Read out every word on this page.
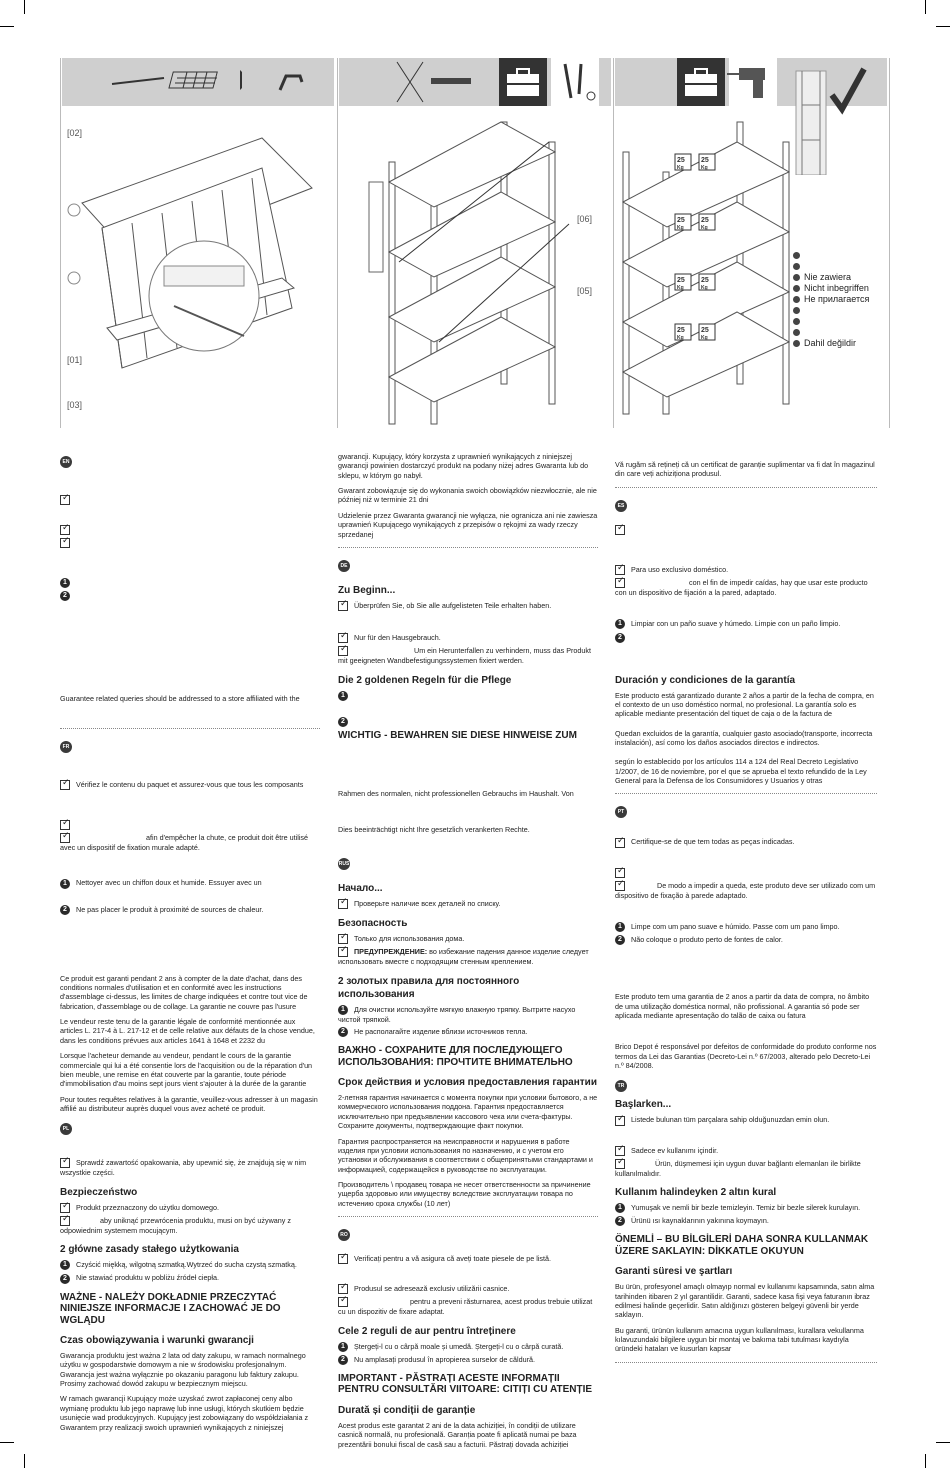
[02]
[01]
[03]
[06]
[05]
25
Kg
25
Kg
25
Kg
25
Kg
25
Kg
25
Kg
25
Kg
25
Kg
Nie zawiera
Nicht inbegriffen
Не прилагается
Dahil değildir
EN
✓
✓
✓
1
2

Guarantee related queries should be addressed to a store affiliated with the

FR
✓Vérifiez le contenu du paquet et assurez-vous que tous les composants
✓
✓afin d'empêcher la chute, ce produit doit être utilisé avec un dispositif de fixation murale adapté.
1 Nettoyer avec un chiffon doux et humide. Essuyer avec un
2 Ne pas placer le produit à proximité de sources de chaleur.

Ce produit est garanti pendant 2 ans à compter de la date d'achat, dans des conditions normales d'utilisation et en conformité avec les instructions d'assemblage ci-dessus, les limites de charge indiquées et contre tout vice de fabrication, d'assemblage ou de collage. La garantie ne couvre pas l'usure

Le vendeur reste tenu de la garantie légale de conformité mentionnée aux articles L. 217-4 à L. 217-12 et de celle relative aux défauts de la chose vendue, dans les conditions prévues aux articles 1641 à 1648 et 2232 du

Lorsque l'acheteur demande au vendeur, pendant le cours de la garantie commerciale qui lui a été consentie lors de l'acquisition ou de la réparation d'un bien meuble, une remise en état couverte par la garantie, toute période d'immobilisation d'au moins sept jours vient s'ajouter à la durée de la garantie

Pour toutes requêtes relatives à la garantie, veuillez-vous adresser à un magasin affilié au distributeur auprès duquel vous avez acheté ce produit.

PL
✓Sprawdź zawartość opakowania, aby upewnić się, że znajdują się w nim wszystkie części.
Bezpieczeństwo
✓Produkt przeznaczony do użytku domowego.
✓aby uniknąć przewrócenia produktu, musi on być używany z odpowiednim systemem mocującym.
2 główne zasady stałego użytkowania
1 Czyścić miękką, wilgotną szmatką.Wytrzeć do sucha czystą szmatką.
2 Nie stawiać produktu w pobliżu źródeł ciepła.
WAŻNE - NALEŻY DOKŁADNIE PRZECZYTAĆ NINIEJSZE INFORMACJE I ZACHOWAĆ JE DO WGLĄDU
Czas obowiązywania i warunki gwarancji

Gwarancja produktu jest ważna 2 lata od daty zakupu, w ramach normalnego użytku w gospodarstwie domowym a nie w środowisku profesjonalnym. Gwarancja jest ważna wyłącznie po okazaniu paragonu lub faktury zakupu. Prosimy zachować dowód zakupu w bezpiecznym miejscu.

W ramach gwarancji Kupujący może uzyskać zwrot zapłaconej ceny albo wymianę produktu lub jego naprawę lub inne usługi, których skutkiem będzie usunięcie wad produkcyjnych. Kupujący jest zobowiązany do współdziałania z Gwarantem przy realizacji swoich uprawnień wynikających z niniejszej

gwarancji. Kupujący, który korzysta z uprawnień wynikających z niniejszej gwarancji powinien dostarczyć produkt na podany niżej adres Gwaranta lub do sklepu, w którym go nabył.

Gwarant zobowiązuje się do wykonania swoich obowiązków niezwłocznie, ale nie później niż w terminie 21 dni

Udzielenie przez Gwaranta gwarancji nie wyłącza, nie ogranicza ani nie zawiesza uprawnień Kupującego wynikających z przepisów o rękojmi za wady rzeczy sprzedanej

DE
Zu Beginn...
✓Überprüfen Sie, ob Sie alle aufgelisteten Teile erhalten haben.
✓Nur für den Hausgebrauch.
✓Um ein Herunterfallen zu verhindern, muss das Produkt mit geeigneten Wandbefestigungssystemen fixiert werden.
Die 2 goldenen Regeln für die Pflege
1
2
WICHTIG - BEWAHREN SIE DIESE HINWEISE ZUM

Rahmen des normalen, nicht professionellen Gebrauchs im Haushalt. Von

Dies beeinträchtigt nicht Ihre gesetzlich verankerten Rechte.

RUS
Начало...
✓Проверьте наличие всех деталей по списку.
Безопасность
✓Только для использования дома.
✓ПРЕДУПРЕЖДЕНИЕ: во избежание падения данное изделие следует использовать вместе с подходящим стенным креплением.
2 золотых правила для постоянного использования
1 Для очистки используйте мягкую влажную тряпку. Вытрите насухо чистой тряпкой.
2 Не располагайте изделие вблизи источников тепла.
ВАЖНО - СОХРАНИТЕ ДЛЯ ПОСЛЕДУЮЩЕГО ИСПОЛЬЗОВАНИЯ: ПРОЧТИТЕ ВНИМАТЕЛЬНО
Срок действия и условия предоставления гарантии

2-летняя гарантия начинается с момента покупки при условии бытового, а не коммерческого использования поддона. Гарантия предоставляется исключительно при предъявлении кассового чека или счета-фактуры. Сохраните документы, подтверждающие факт покупки.

Гарантия распространяется на неисправности и нарушения в работе изделия при условии использования по назначению, и с учетом его установки и обслуживания в соответствии с общепринятыми стандартами и информацией, содержащейся в руководстве по эксплуатации.

Производитель \ продавец товара не несет ответственности за причинение ущерба здоровью или имуществу вследствие эксплуатации товара по истечению срока службы (10 лет)

RO
✓Verificați pentru a vă asigura că aveți toate piesele de pe listă.
✓Produsul se adresează exclusiv utilizării casnice.
✓pentru a preveni răsturnarea, acest produs trebuie utilizat cu un dispozitiv de fixare adaptat.
Cele 2 reguli de aur pentru întreținere
1 Ștergeți-l cu o cârpă moale și umedă. Ștergeți-l cu o cârpă curată.
2 Nu amplasați produsul în apropierea surselor de căldură.
IMPORTANT - PĂSTRAȚI ACESTE INFORMAȚII PENTRU CONSULTĂRI VIITOARE: CITIȚI CU ATENȚIE
Durată și condiții de garanție

Acest produs este garantat 2 ani de la data achiziției, în condiții de utilizare casnică normală, nu profesională. Garanția poate fi aplicată numai pe baza prezentării bonului fiscal de casă sau a facturii. Păstrați dovada achiziției

Vă rugăm să rețineți că un certificat de garanție suplimentar va fi dat în magazinul din care veți achiziționa produsul.

ES
✓
✓Para uso exclusivo doméstico.
✓con el fin de impedir caídas, hay que usar este producto con un dispositivo de fijación a la pared, adaptado.
1 Limpiar con un paño suave y húmedo. Limpie con un paño limpio.
2
Duración y condiciones de la garantía

Este producto está garantizado durante 2 años a partir de la fecha de compra, en el contexto de un uso doméstico normal, no profesional. La garantía solo es aplicable mediante presentación del tiquet de caja o de la factura de

Quedan excluidos de la garantía, cualquier gasto asociado(transporte, incorrecta instalación), así como los daños asociados directos e indirectos.

según lo establecido por los artículos 114 a 124 del Real Decreto Legislativo 1/2007, de 16 de noviembre, por el que se aprueba el texto refundido de la Ley General para la Defensa de los Consumidores y Usuarios y otras

PT
✓Certifique-se de que tem todas as peças indicadas.
✓
✓De modo a impedir a queda, este produto deve ser utilizado com um dispositivo de fixação à parede adaptado.
1 Limpe com um pano suave e húmido. Passe com um pano limpo.
2 Não coloque o produto perto de fontes de calor.

Este produto tem uma garantia de 2 anos a partir da data de compra, no âmbito de uma utilização doméstica normal, não profissional. A garantia só pode ser aplicada mediante apresentação do talão de caixa ou fatura

Brico Depot é responsável por defeitos de conformidade do produto conforme nos termos da Lei das Garantias (Decreto-Lei n.º 67/2003, alterado pelo Decreto-Lei n.º 84/2008.

TR
Başlarken...
✓Listede bulunan tüm parçalara sahip olduğunuzdan emin olun.
✓Sadece ev kullanımı içindir.
✓Ürün, düşmemesi için uygun duvar bağlantı elemanları ile birlikte kullanılmalıdır.
Kullanım halindeyken 2 altın kural
1 Yumuşak ve nemli bir bezle temizleyin. Temiz bir bezle silerek kurulayın.
2 Ürünü ısı kaynaklarının yakınına koymayın.
ÖNEMLİ – BU BİLGİLERİ DAHA SONRA KULLANMAK ÜZERE SAKLAYIN: DİKKATLE OKUYUN
Garanti süresi ve şartları

Bu ürün, profesyonel amaçlı olmayıp normal ev kullanımı kapsamında, satın alma tarihinden itibaren 2 yıl garantilidir. Garanti, sadece kasa fişi veya faturanın ibraz edilmesi halinde geçerlidir. Satın aldığınızı gösteren belgeyi güvenli bir yerde saklayın.

Bu garanti, ürünün kullanım amacına uygun kullanılması, kurallara vekullanma kılavuzundaki bilgilere uygun bir montaj ve bakıma tabi tutulması kaydıyla üründeki hataları ve kusurları kapsar
